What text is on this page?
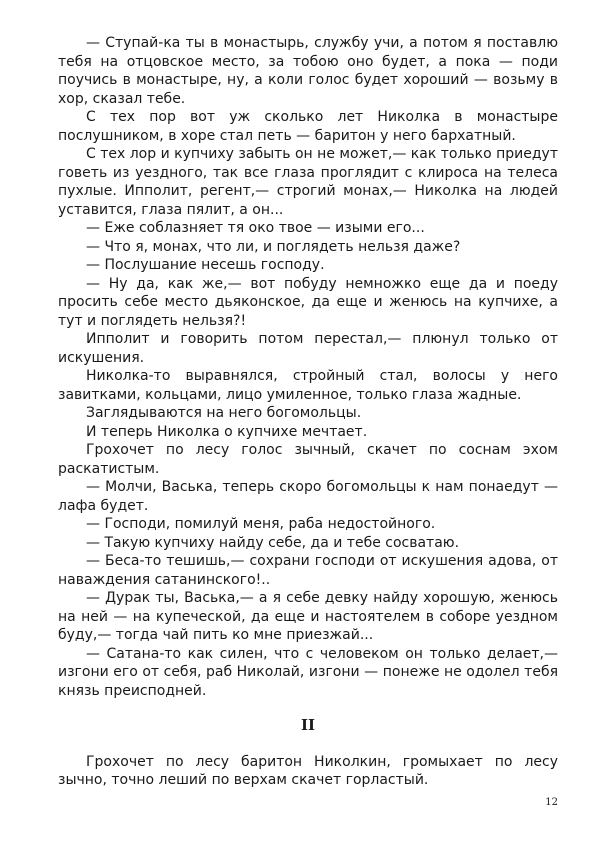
— Ступай-ка ты в монастырь, службу учи, а потом я поставлю тебя на отцовское место, за тобою оно будет, а пока — поди поучись в монастыре, ну, а коли голос будет хороший — возьму в хор, сказал тебе.

С тех пор вот уж сколько лет Николка в монастыре послушником, в хоре стал петь — баритон у него бархатный.

С тех лор и купчиху забыть он не может,— как только приедут говеть из уездного, так все глаза проглядит с клироса на телеса пухлые. Ипполит, регент,— строгий монах,— Николка на людей уставится, глаза пялит, а он...

— Еже соблазняет тя око твое — изыми его...

— Что я, монах, что ли, и поглядеть нельзя даже?

— Послушание несешь господу.

— Ну да, как же,— вот побуду немножко еще да и поеду просить себе место дьяконское, да еще и женюсь на купчихе, а тут и поглядеть нельзя?!

Ипполит и говорить потом перестал,— плюнул только от искушения.

Николка-то выравнялся, стройный стал, волосы у него завитками, кольцами, лицо умиленное, только глаза жадные.

Заглядываются на него богомольцы.

И теперь Николка о купчихе мечтает.

Грохочет по лесу голос зычный, скачет по соснам эхом раскатистым.

— Молчи, Васька, теперь скоро богомольцы к нам понаедут — лафа будет.

— Господи, помилуй меня, раба недостойного.

— Такую купчиху найду себе, да и тебе сосватаю.

— Беса-то тешишь,— сохрани господи от искушения адова, от наваждения сатанинского!..

— Дурак ты, Васька,— а я себе девку найду хорошую, женюсь на ней — на купеческой, да еще и настоятелем в соборе уездном буду,— тогда чай пить ко мне приезжай...

— Сатана-то как силен, что с человеком он только делает,— изгони его от себя, раб Николай, изгони — понеже не одолел тебя князь преисподней.

II

Грохочет по лесу баритон Николкин, громыхает по лесу зычно, точно леший по верхам скачет горластый.

12
